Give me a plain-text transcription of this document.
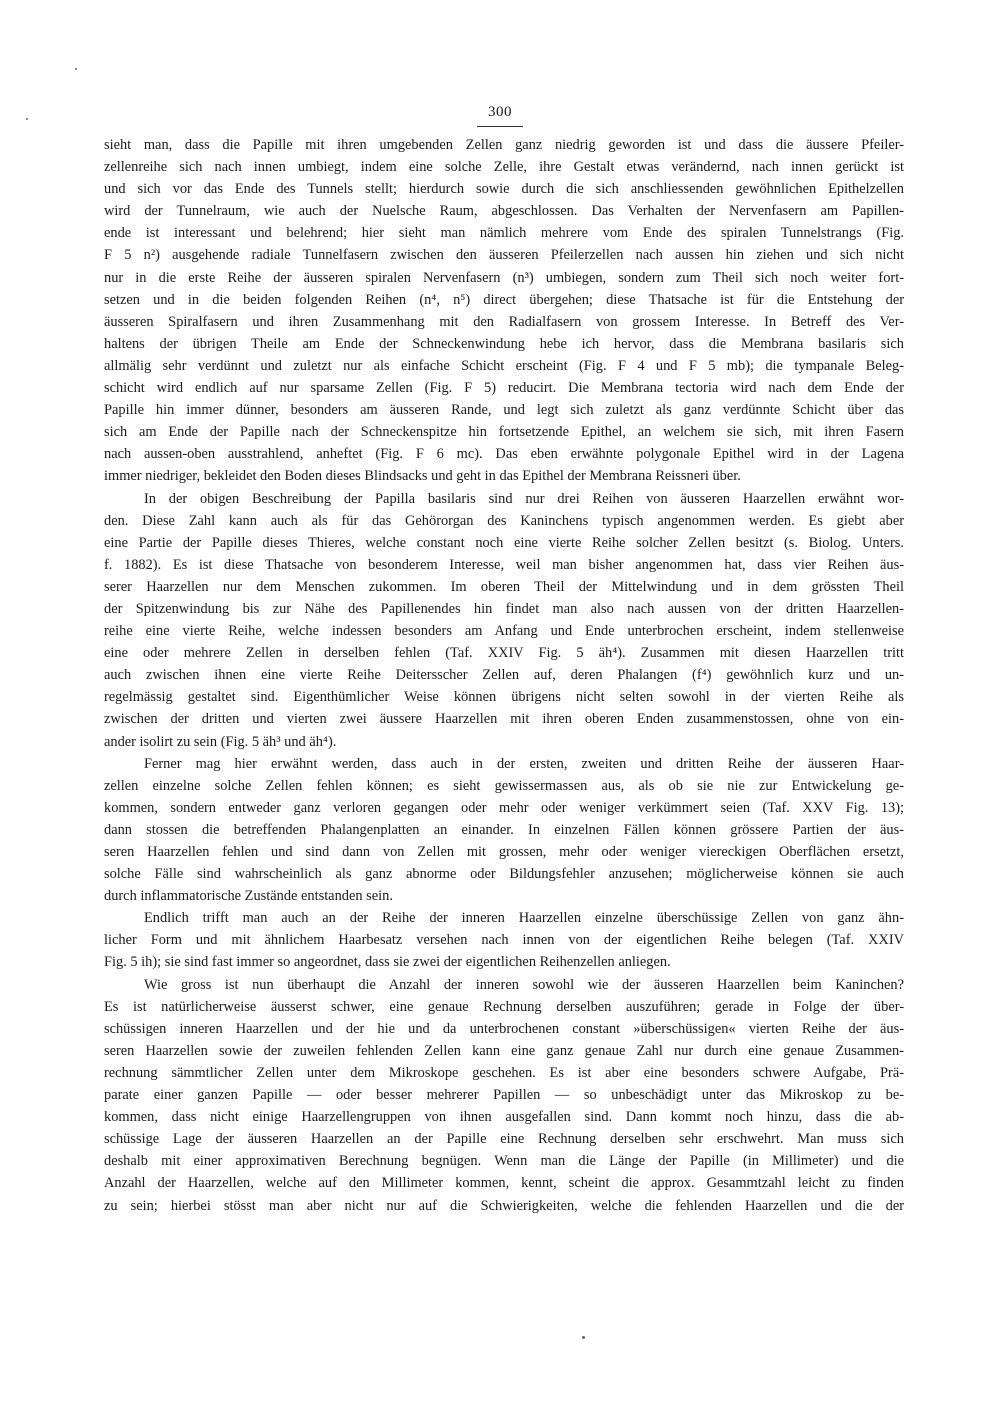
300
sieht man, dass die Papille mit ihren umgebenden Zellen ganz niedrig geworden ist und dass die äussere Pfeiler-
zellenreihe sich nach innen umbiegt, indem eine solche Zelle, ihre Gestalt etwas verändernd, nach innen gerückt ist
und sich vor das Ende des Tunnels stellt; hierdurch sowie durch die sich anschliessenden gewöhnlichen Epithelzellen
wird der Tunnelraum, wie auch der Nuelsche Raum, abgeschlossen. Das Verhalten der Nervenfasern am Papillen-
ende ist interessant und belehrend; hier sieht man nämlich mehrere vom Ende des spiralen Tunnelstrangs (Fig.
F 5 n²) ausgehende radiale Tunnelfasern zwischen den äusseren Pfeilerzellen nach aussen hin ziehen und sich nicht
nur in die erste Reihe der äusseren spiralen Nervenfasern (n³) umbiegen, sondern zum Theil sich noch weiter fort-
setzen und in die beiden folgenden Reihen (n⁴, n⁵) direct übergehen; diese Thatsache ist für die Entstehung der
äusseren Spiralfasern und ihren Zusammenhang mit den Radialfasern von grossem Interesse. In Betreff des Ver-
haltens der übrigen Theile am Ende der Schneckenwindung hebe ich hervor, dass die Membrana basilaris sich
allmälig sehr verdünnt und zuletzt nur als einfache Schicht erscheint (Fig. F 4 und F 5 mb); die tympanale Beleg-
schicht wird endlich auf nur sparsame Zellen (Fig. F 5) reducirt. Die Membrana tectoria wird nach dem Ende der
Papille hin immer dünner, besonders am äusseren Rande, und legt sich zuletzt als ganz verdünnte Schicht über das
sich am Ende der Papille nach der Schneckenspitze hin fortsetzende Epithel, an welchem sie sich, mit ihren Fasern
nach aussen-oben ausstrahlend, anheftet (Fig. F 6 mc). Das eben erwähnte polygonale Epithel wird in der Lagena
immer niedriger, bekleidet den Boden dieses Blindsacks und geht in das Epithel der Membrana Reissneri über.
In der obigen Beschreibung der Papilla basilaris sind nur drei Reihen von äusseren Haarzellen erwähnt wor-
den. Diese Zahl kann auch als für das Gehörorgan des Kaninchens typisch angenommen werden. Es giebt aber
eine Partie der Papille dieses Thieres, welche constant noch eine vierte Reihe solcher Zellen besitzt (s. Biolog. Unters.
f. 1882). Es ist diese Thatsache von besonderem Interesse, weil man bisher angenommen hat, dass vier Reihen äus-
serer Haarzellen nur dem Menschen zukommen. Im oberen Theil der Mittelwindung und in dem grössten Theil
der Spitzenwindung bis zur Nähe des Papillenendes hin findet man also nach aussen von der dritten Haarzellen-
reihe eine vierte Reihe, welche indessen besonders am Anfang und Ende unterbrochen erscheint, indem stellenweise
eine oder mehrere Zellen in derselben fehlen (Taf. XXIV Fig. 5 äh⁴). Zusammen mit diesen Haarzellen tritt
auch zwischen ihnen eine vierte Reihe Deitersscher Zellen auf, deren Phalangen (f⁴) gewöhnlich kurz und un-
regelmässig gestaltet sind. Eigenthümlicher Weise können übrigens nicht selten sowohl in der vierten Reihe als
zwischen der dritten und vierten zwei äussere Haarzellen mit ihren oberen Enden zusammenstossen, ohne von ein-
ander isolirt zu sein (Fig. 5 äh³ und äh⁴).
Ferner mag hier erwähnt werden, dass auch in der ersten, zweiten und dritten Reihe der äusseren Haar-
zellen einzelne solche Zellen fehlen können; es sieht gewissermassen aus, als ob sie nie zur Entwickelung ge-
kommen, sondern entweder ganz verloren gegangen oder mehr oder weniger verkümmert seien (Taf. XXV Fig. 13);
dann stossen die betreffenden Phalangenplatten an einander. In einzelnen Fällen können grössere Partien der äus-
seren Haarzellen fehlen und sind dann von Zellen mit grossen, mehr oder weniger viereckigen Oberflächen ersetzt,
solche Fälle sind wahrscheinlich als ganz abnorme oder Bildungsfehler anzusehen; möglicherweise können sie auch
durch inflammatorische Zustände entstanden sein.
Endlich trifft man auch an der Reihe der inneren Haarzellen einzelne überschüssige Zellen von ganz ähn-
licher Form und mit ähnlichem Haarbesatz versehen nach innen von der eigentlichen Reihe belegen (Taf. XXIV
Fig. 5 ih); sie sind fast immer so angeordnet, dass sie zwei der eigentlichen Reihenzellen anliegen.
Wie gross ist nun überhaupt die Anzahl der inneren sowohl wie der äusseren Haarzellen beim Kaninchen?
Es ist natürlicherweise äusserst schwer, eine genaue Rechnung derselben auszuführen; gerade in Folge der über-
schüssigen inneren Haarzellen und der hie und da unterbrochenen constant »überschüssigen« vierten Reihe der äus-
seren Haarzellen sowie der zuweilen fehlenden Zellen kann eine ganz genaue Zahl nur durch eine genaue Zusammen-
rechnung sämmtlicher Zellen unter dem Mikroskope geschehen. Es ist aber eine besonders schwere Aufgabe, Prä-
parate einer ganzen Papille — oder besser mehrerer Papillen — so unbeschädigt unter das Mikroskop zu be-
kommen, dass nicht einige Haarzellengruppen von ihnen ausgefallen sind. Dann kommt noch hinzu, dass die ab-
schüssige Lage der äusseren Haarzellen an der Papille eine Rechnung derselben sehr erschwehrt. Man muss sich
deshalb mit einer approximativen Berechnung begnügen. Wenn man die Länge der Papille (in Millimeter) und die
Anzahl der Haarzellen, welche auf den Millimeter kommen, kennt, scheint die approx. Gesammtzahl leicht zu finden
zu sein; hierbei stösst man aber nicht nur auf die Schwierigkeiten, welche die fehlenden Haarzellen und die der
